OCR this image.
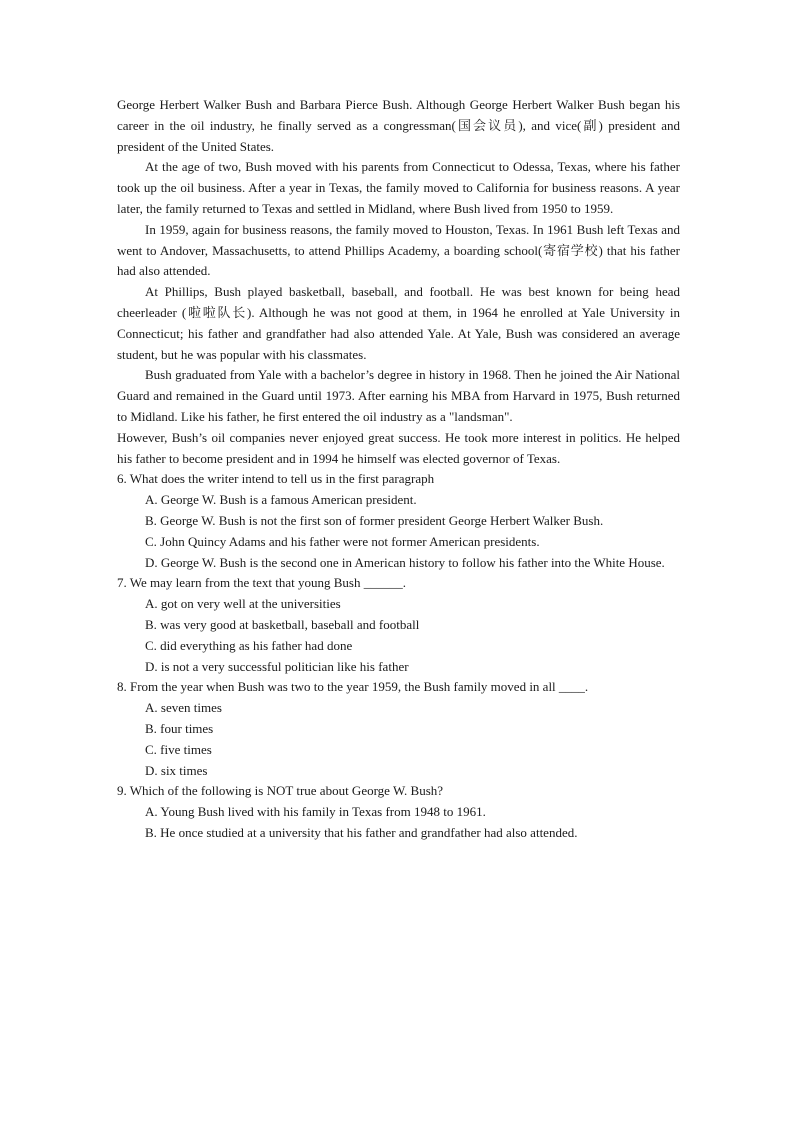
George Herbert Walker Bush and Barbara Pierce Bush. Although George Herbert Walker Bush began his career in the oil industry, he finally served as a congressman(国会议员), and vice(副) president and president of the United States.

At the age of two, Bush moved with his parents from Connecticut to Odessa, Texas, where his father took up the oil business. After a year in Texas, the family moved to California for business reasons. A year later, the family returned to Texas and settled in Midland, where Bush lived from 1950 to 1959.

In 1959, again for business reasons, the family moved to Houston, Texas. In 1961 Bush left Texas and went to Andover, Massachusetts, to attend Phillips Academy, a boarding school(寄宿学校) that his father had also attended.

At Phillips, Bush played basketball, baseball, and football. He was best known for being head cheerleader (啦啦队长). Although he was not good at them, in 1964 he enrolled at Yale University in Connecticut; his father and grandfather had also attended Yale. At Yale, Bush was considered an average student, but he was popular with his classmates.

Bush graduated from Yale with a bachelor’s degree in history in 1968. Then he joined the Air National Guard and remained in the Guard until 1973. After earning his MBA from Harvard in 1975, Bush returned to Midland. Like his father, he first entered the oil industry as a "landsman".

However, Bush’s oil companies never enjoyed great success. He took more interest in politics. He helped his father to become president and in 1994 he himself was elected governor of Texas.

6. What does the writer intend to tell us in the first paragraph

A. George W. Bush is a famous American president.

B. George W. Bush is not the first son of former president George Herbert Walker Bush.

C. John Quincy Adams and his father were not former American presidents.

D. George W. Bush is the second one in American history to follow his father into the White House.

7. We may learn from the text that young Bush ______.

A. got on very well at the universities

B. was very good at basketball, baseball and football

C. did everything as his father had done

D. is not a very successful politician like his father

8. From the year when Bush was two to the year 1959, the Bush family moved in all ____.

A. seven times

B. four times

C. five times

D. six times

9. Which of the following is NOT true about George W. Bush?

A. Young Bush lived with his family in Texas from 1948 to 1961.

B. He once studied at a university that his father and grandfather had also attended.
